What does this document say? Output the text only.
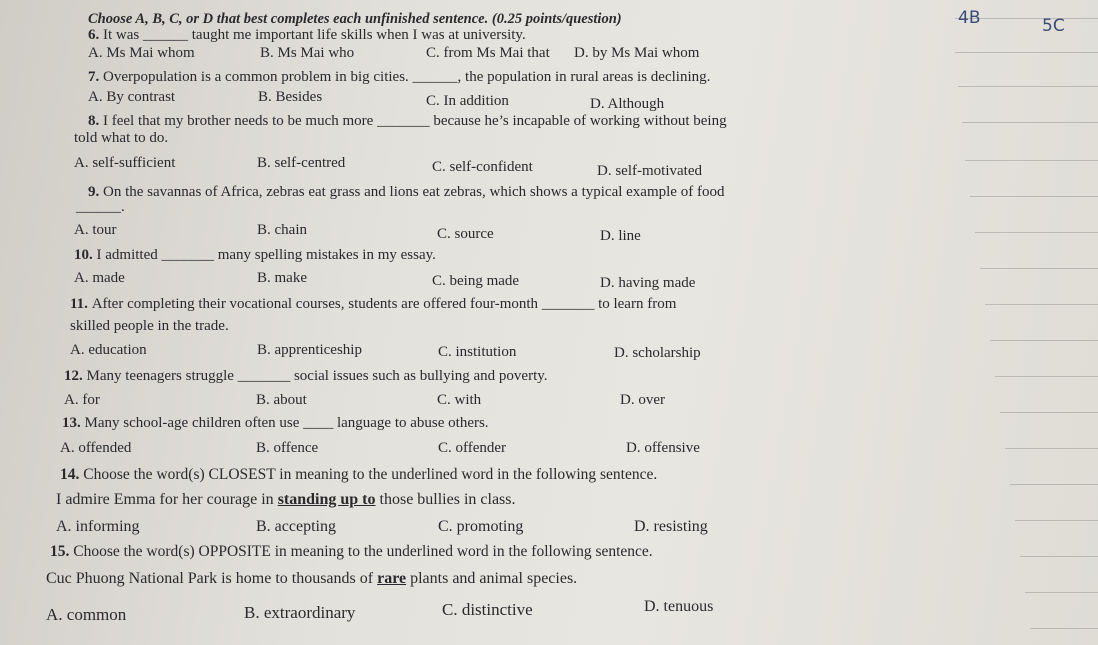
4B	5C
Choose A, B, C, or D that best completes each unfinished sentence. (0.25 points/question)
6. It was ______ taught me important life skills when I was at university.
A. Ms Mai whom	B. Ms Mai who	C. from Ms Mai that D. by Ms Mai whom
7. Overpopulation is a common problem in big cities. ______, the population in rural areas is declining.
A. By contrast	B. Besides	C. In addition	D. Although
8. I feel that my brother needs to be much more _______ because he’s incapable of working without being
told what to do.
A. self-sufficient	B. self-centred	C. self-confident	D. self-motivated
9. On the savannas of Africa, zebras eat grass and lions eat zebras, which shows a typical example of food
______.
A. tour	B. chain	C. source	D. line
10. I admitted _______ many spelling mistakes in my essay.
A. made	B. make	C. being made	D. having made
11. After completing their vocational courses, students are offered four-month _______ to learn from
skilled people in the trade.
A. education	B. apprenticeship	C. institution	D. scholarship
12. Many teenagers struggle _______ social issues such as bullying and poverty.
A. for	B. about	C. with	D. over
13. Many school-age children often use ____ language to abuse others.
A. offended	B. offence	C. offender	D. offensive
14. Choose the word(s) CLOSEST in meaning to the underlined word in the following sentence.
I admire Emma for her courage in standing up to those bullies in class.
A. informing	B. accepting	C. promoting	D. resisting
15. Choose the word(s) OPPOSITE in meaning to the underlined word in the following sentence.
Cuc Phuong National Park is home to thousands of rare plants and animal species.
A. common	B. extraordinary	C. distinctive	D. tenuous
